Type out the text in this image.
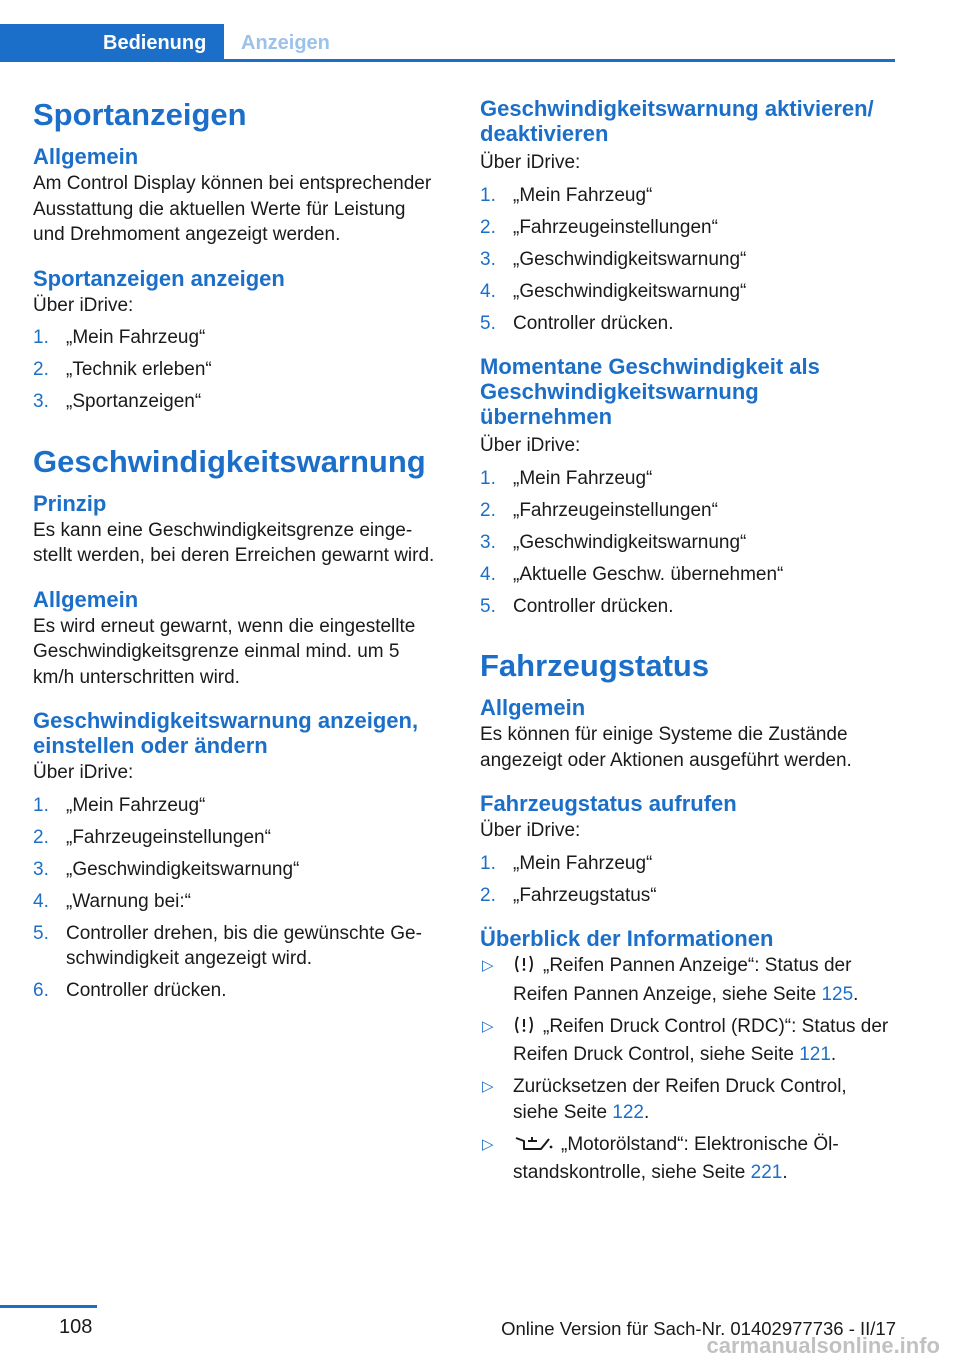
Bedienung	Anzeigen
Sportanzeigen
Allgemein
Am Control Display können bei entsprechender Ausstattung die aktuellen Werte für Leistung und Drehmoment angezeigt werden.
Sportanzeigen anzeigen
Über iDrive:
1. „Mein Fahrzeug“
2. „Technik erleben“
3. „Sportanzeigen“
Geschwindigkeitswarnung
Prinzip
Es kann eine Geschwindigkeitsgrenze eingestellt werden, bei deren Erreichen gewarnt wird.
Allgemein
Es wird erneut gewarnt, wenn die eingestellte Geschwindigkeitsgrenze einmal mind. um 5 km/h unterschritten wird.
Geschwindigkeitswarnung anzeigen, einstellen oder ändern
Über iDrive:
1. „Mein Fahrzeug“
2. „Fahrzeugeinstellungen“
3. „Geschwindigkeitswarnung“
4. „Warnung bei:“
5. Controller drehen, bis die gewünschte Geschwindigkeit angezeigt wird.
6. Controller drücken.
Geschwindigkeitswarnung aktivieren/ deaktivieren
Über iDrive:
1. „Mein Fahrzeug“
2. „Fahrzeugeinstellungen“
3. „Geschwindigkeitswarnung“
4. „Geschwindigkeitswarnung“
5. Controller drücken.
Momentane Geschwindigkeit als Geschwindigkeitswarnung übernehmen
Über iDrive:
1. „Mein Fahrzeug“
2. „Fahrzeugeinstellungen“
3. „Geschwindigkeitswarnung“
4. „Aktuelle Geschw. übernehmen“
5. Controller drücken.
Fahrzeugstatus
Allgemein
Es können für einige Systeme die Zustände angezeigt oder Aktionen ausgeführt werden.
Fahrzeugstatus aufrufen
Über iDrive:
1. „Mein Fahrzeug“
2. „Fahrzeugstatus“
Überblick der Informationen
▷	„Reifen Pannen Anzeige“: Status der Reifen Pannen Anzeige, siehe Seite 125.
▷	„Reifen Druck Control (RDC)“: Status der Reifen Druck Control, siehe Seite 121.
▷ Zurücksetzen der Reifen Druck Control, siehe Seite 122.
▷	„Motorölstand“: Elektronische Ölstandskontrolle, siehe Seite 221.
108	Online Version für Sach-Nr. 01402977736 - II/17
carmanualsonline.info
